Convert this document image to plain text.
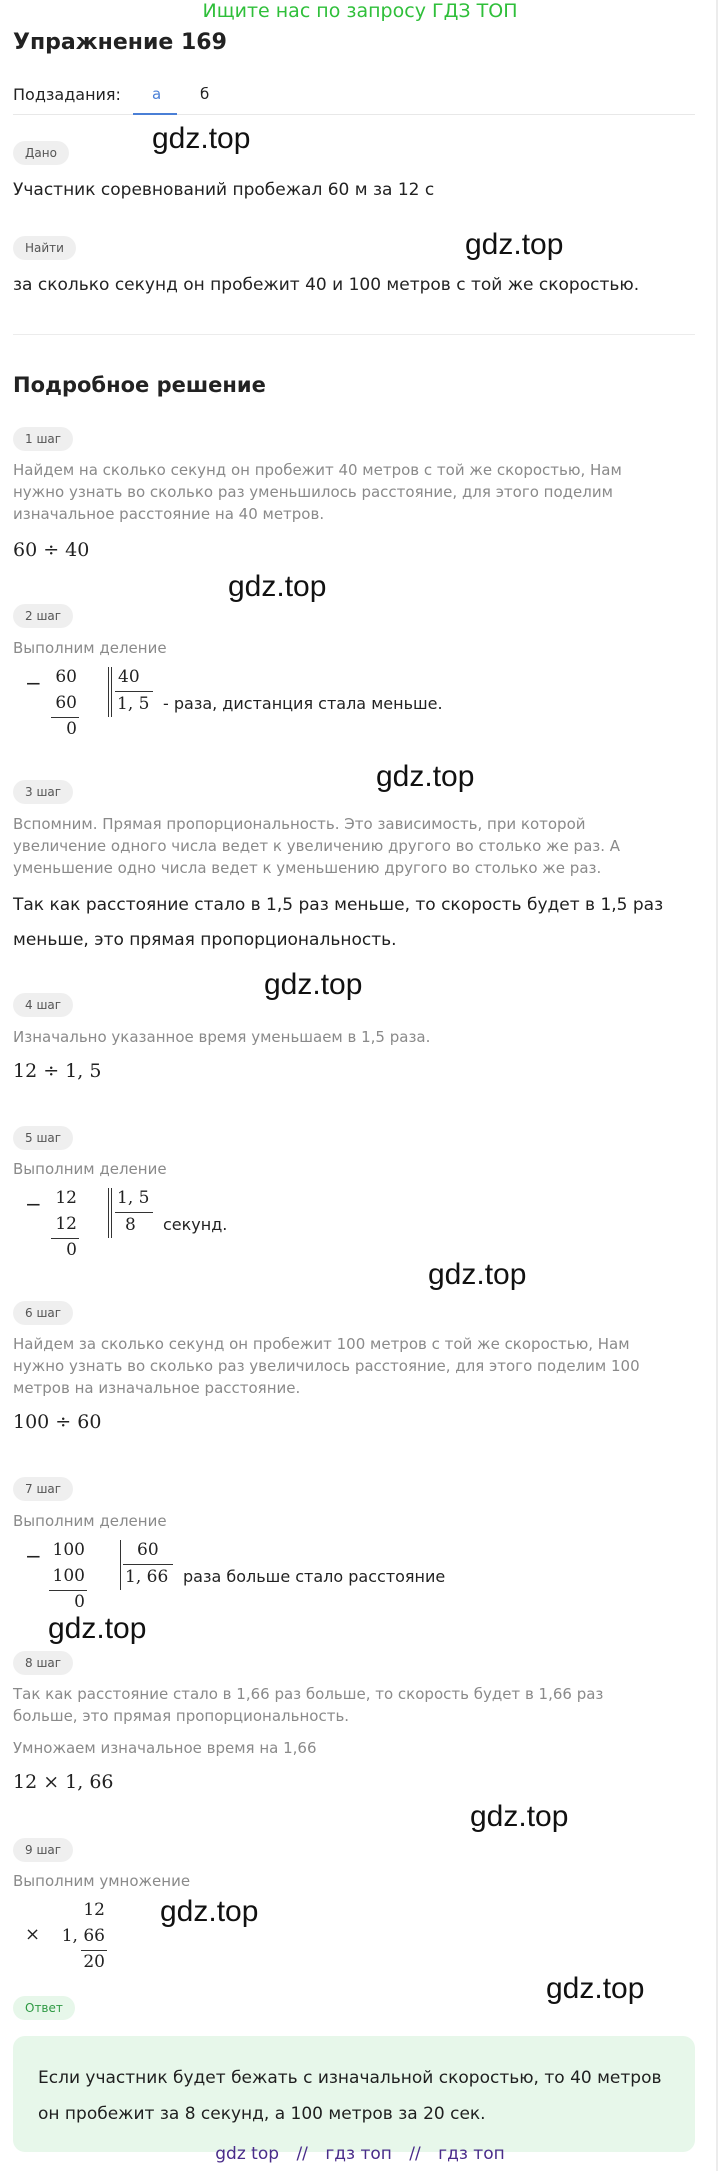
Ищите нас по запросу ГДЗ ТОП
Упражнение 169
Подзадания: а	б
Дано	gdz.top
Участник соревнований пробежал 60 м за 12 с
Найти	gdz.top
за сколько секунд он пробежит 40 и 100 метров с той же скоростью.
Подробное решение
1 шаг
Найдем на сколько секунд он пробежит 40 метров с той же скоростью, Нам нужно узнать во сколько раз уменьшилось расстояние, для этого поделим изначальное расстояние на 40 метров.
60 ÷ 40
gdz.top
2 шаг
Выполним деление
− 60
60
0
40
1, 5 - раза, дистанция стала меньше.
gdz.top
3 шаг
Вспомним. Прямая пропорциональность. Это зависимость, при которой увеличение одного числа ведет к увеличению другого во столько же раз. А уменьшение одно числа ведет к уменьшению другого во столько же раз.
Так как расстояние стало в 1,5 раз меньше, то скорость будет в 1,5 раз меньше, это прямая пропорциональность.
gdz.top
4 шаг
Изначально указанное время уменьшаем в 1,5 раза.
12 ÷ 1, 5
5 шаг
Выполним деление
− 12
12
0
1, 5
8 секунд.
gdz.top
6 шаг
Найдем за сколько секунд он пробежит 100 метров с той же скоростью, Нам нужно узнать во сколько раз увеличилось расстояние, для этого поделим 100 метров на изначальное расстояние.
100 ÷ 60
7 шаг
Выполним деление
− 100
100
0
60
1, 66 раза больше стало расстояние
gdz.top
8 шаг
Так как расстояние стало в 1,66 раз больше, то скорость будет в 1,66 раз больше, это прямая пропорциональность.
Умножаем изначальное время на 1,66
12 × 1, 66
gdz.top
9 шаг
Выполним умножение
×
12
1, 66
20
gdz.top
Ответ
gdz.top
Если участник будет бежать с изначальной скоростью, то 40 метров он пробежит за 8 секунд, а 100 метров за 20 сек.
gdz top // гдз топ // гдз топ
